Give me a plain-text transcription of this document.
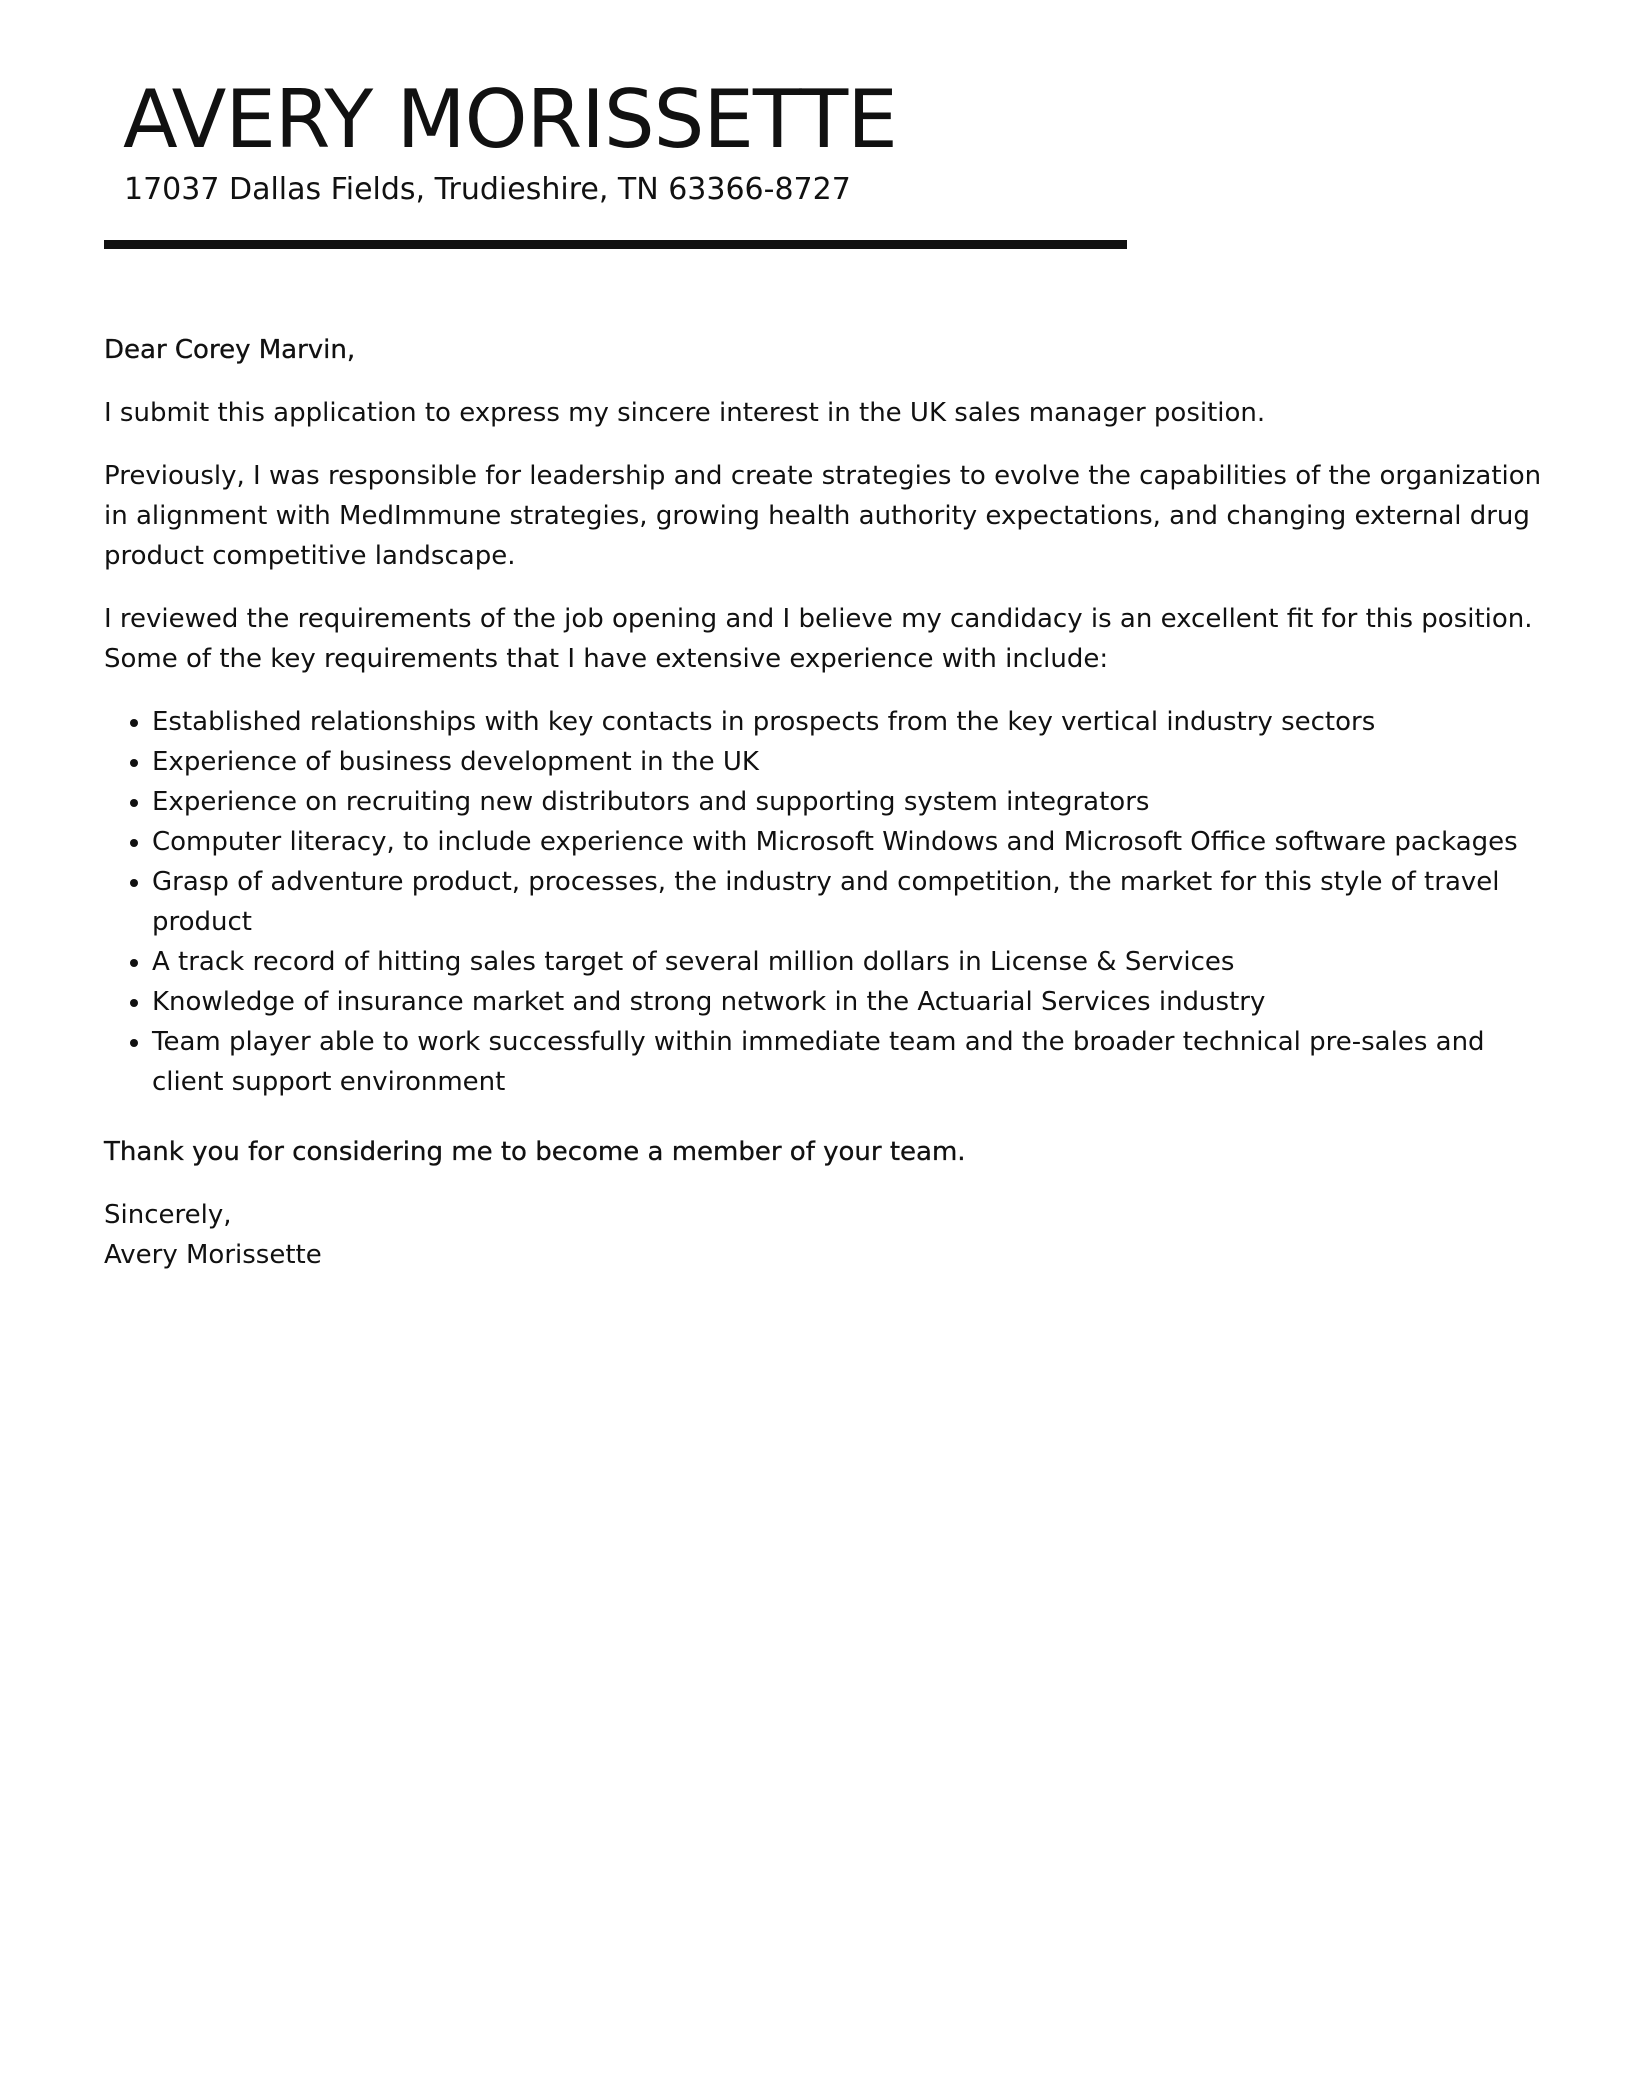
AVERY MORISSETTE
17037 Dallas Fields, Trudieshire, TN 63366-8727

Dear Corey Marvin,

I submit this application to express my sincere interest in the UK sales manager position.

Previously, I was responsible for leadership and create strategies to evolve the capabilities of the organization in alignment with MedImmune strategies, growing health authority expectations, and changing external drug product competitive landscape.

I reviewed the requirements of the job opening and I believe my candidacy is an excellent fit for this position. Some of the key requirements that I have extensive experience with include:

Established relationships with key contacts in prospects from the key vertical industry sectors
Experience of business development in the UK
Experience on recruiting new distributors and supporting system integrators
Computer literacy, to include experience with Microsoft Windows and Microsoft Office software packages
Grasp of adventure product, processes, the industry and competition, the market for this style of travel product
A track record of hitting sales target of several million dollars in License & Services
Knowledge of insurance market and strong network in the Actuarial Services industry
Team player able to work successfully within immediate team and the broader technical pre-sales and client support environment

Thank you for considering me to become a member of your team.

Sincerely,
Avery Morissette
